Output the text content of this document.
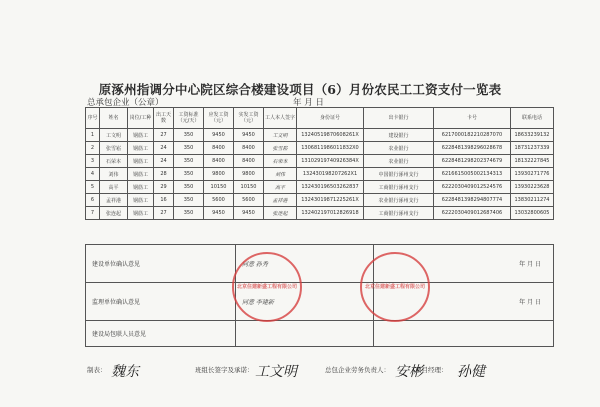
原涿州指调分中心院区综合楼建设项目（6）月份农民工工资支付一览表
总承包企业（公章）	年 月 日
序号	姓名	岗位/工种	出工天数	工资标准（元/天）	应发工资（元）	实发工资（元）	工人本人签字	身份证号	出卡银行	卡号	联系电话
1	工文明	钢筋工	27	350	9450	9450	工文明	13240519870608261X	建设银行	6217000182210287070	18633239132
2	张雪崧	钢筋工	24	350	8400	8400	张雪崧	1306811986011832X0	农业银行	6228481398296028678	18731237339
3	石荣本	钢筋工	24	350	8400	8400	石荣本	13102919740926384X	农业银行	6228481298202374679	18132227845
4	刘伟	钢筋工	28	350	9800	9800	刘伟	132430198207262X1	中国银行涿州支行	6216615005002134313	13930271776
5	高平	钢筋工	29	350	10150	10150	高平	132430196503262837	工商银行涿州支行	6222030409012524576	13930223628
6	孟祥港	钢筋工	16	350	5600	5600	孟祥港	13243019871225261X	农业银行涿州支行	6228481398294807774	13830211274
7	张连起	钢筋工	27	350	9450	9450	张连起	132402197012826918	工商银行涿州支行	6222030409012687406	13032800605
建设单位确认意见	同意 孙秀	年 月 日
监理单位确认意见	同意 李建新	年 月 日
建设局包联人员意见		
北京住建新盛工程有限公司	北京住建新盛工程有限公司
制表： 魏东	班组长签字及承诺： 工文明	总包企业劳务负责人： 安彬
项目经理： 孙健
